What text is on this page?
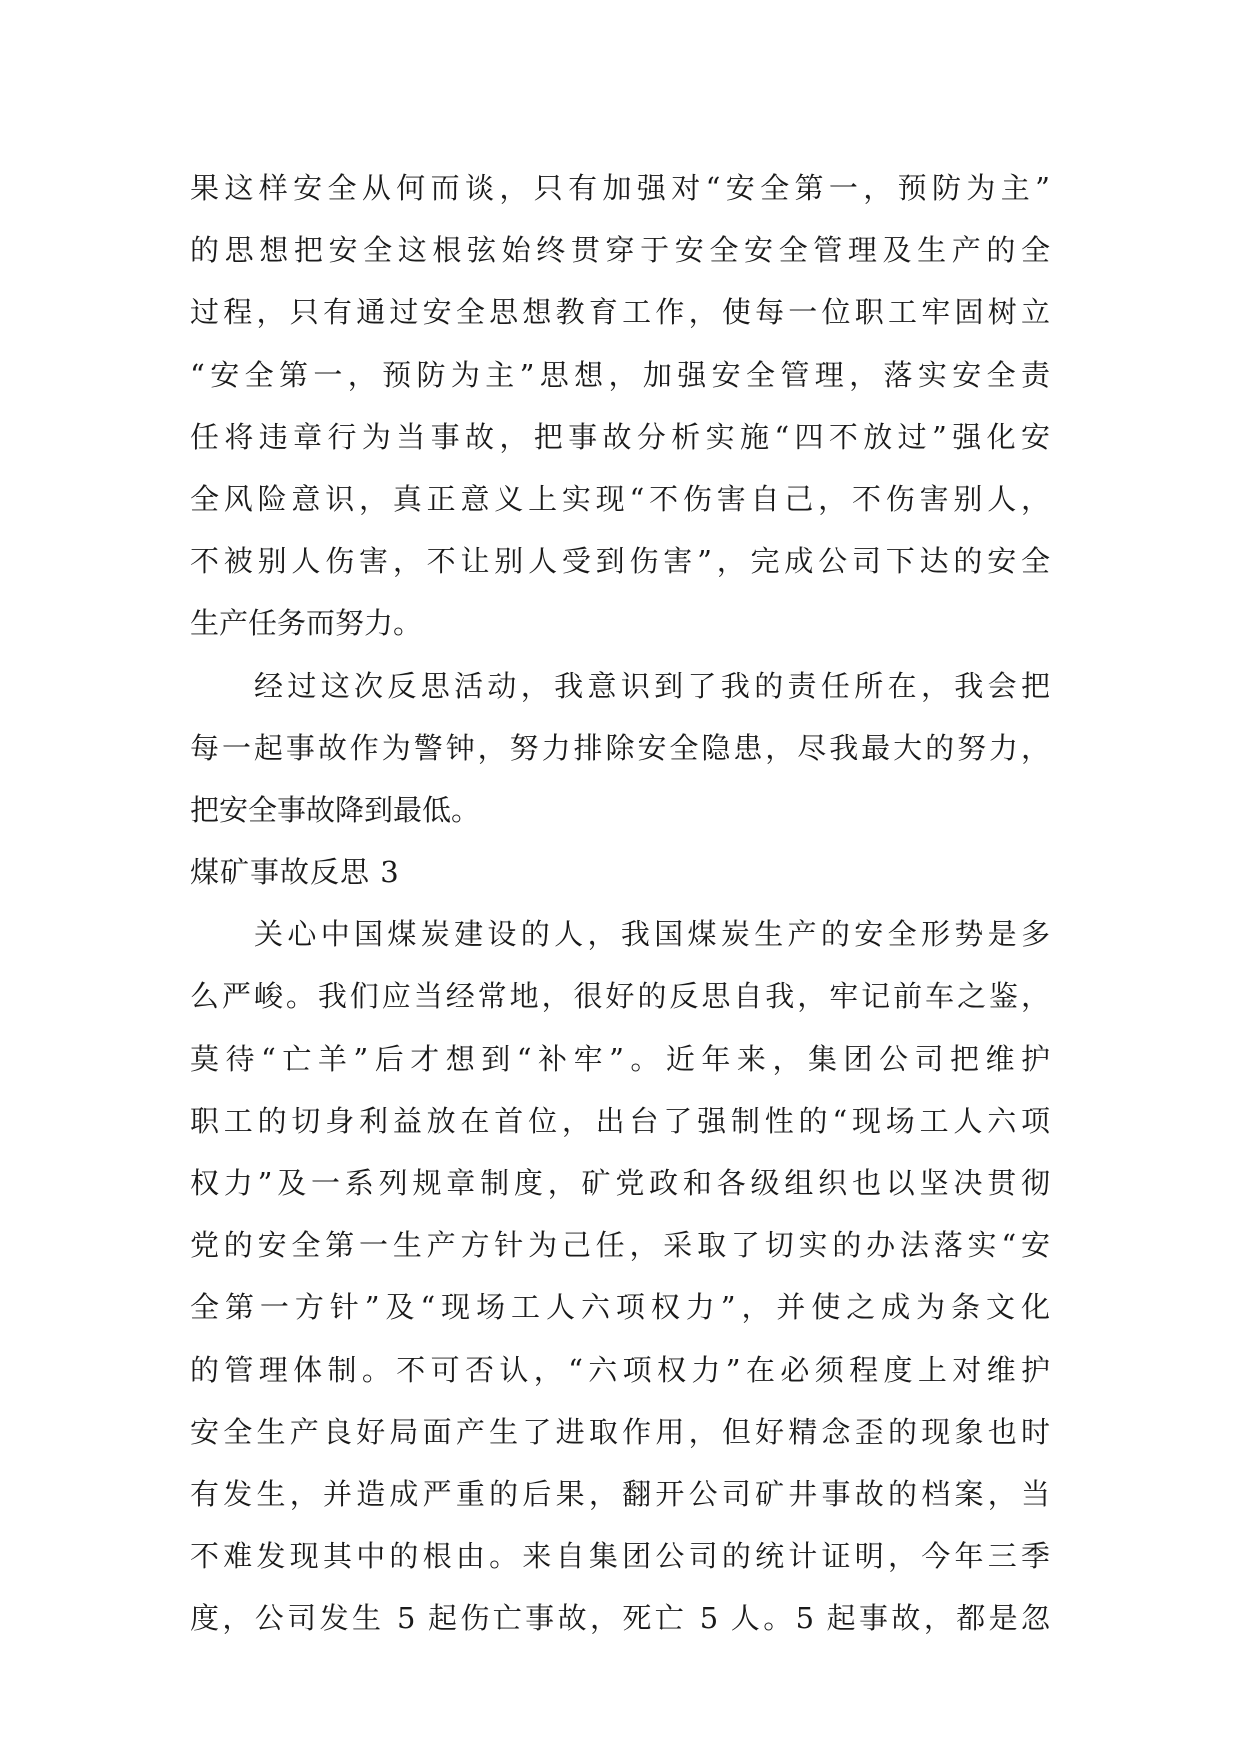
果这样安全从何而谈，只有加强对“安全第一，预防为主”
的思想把安全这根弦始终贯穿于安全安全管理及生产的全
过程，只有通过安全思想教育工作，使每一位职工牢固树立
“安全第一，预防为主”思想，加强安全管理，落实安全责
任将违章行为当事故，把事故分析实施“四不放过”强化安
全风险意识，真正意义上实现“不伤害自己，不伤害别人，
不被别人伤害，不让别人受到伤害”，完成公司下达的安全
生产任务而努力。
经过这次反思活动，我意识到了我的责任所在，我会把
每一起事故作为警钟，努力排除安全隐患，尽我最大的努力，
把安全事故降到最低。
煤矿事故反思 3
关心中国煤炭建设的人，我国煤炭生产的安全形势是多
么严峻。我们应当经常地，很好的反思自我，牢记前车之鉴，
莫待“亡羊”后才想到“补牢”。近年来，集团公司把维护
职工的切身利益放在首位，出台了强制性的“现场工人六项
权力”及一系列规章制度，矿党政和各级组织也以坚决贯彻
党的安全第一生产方针为己任，采取了切实的办法落实“安
全第一方针”及“现场工人六项权力”，并使之成为条文化
的管理体制。不可否认，“六项权力”在必须程度上对维护
安全生产良好局面产生了进取作用，但好精念歪的现象也时
有发生，并造成严重的后果，翻开公司矿井事故的档案，当
不难发现其中的根由。来自集团公司的统计证明，今年三季
度，公司发生 5 起伤亡事故，死亡 5 人。5 起事故，都是忽
